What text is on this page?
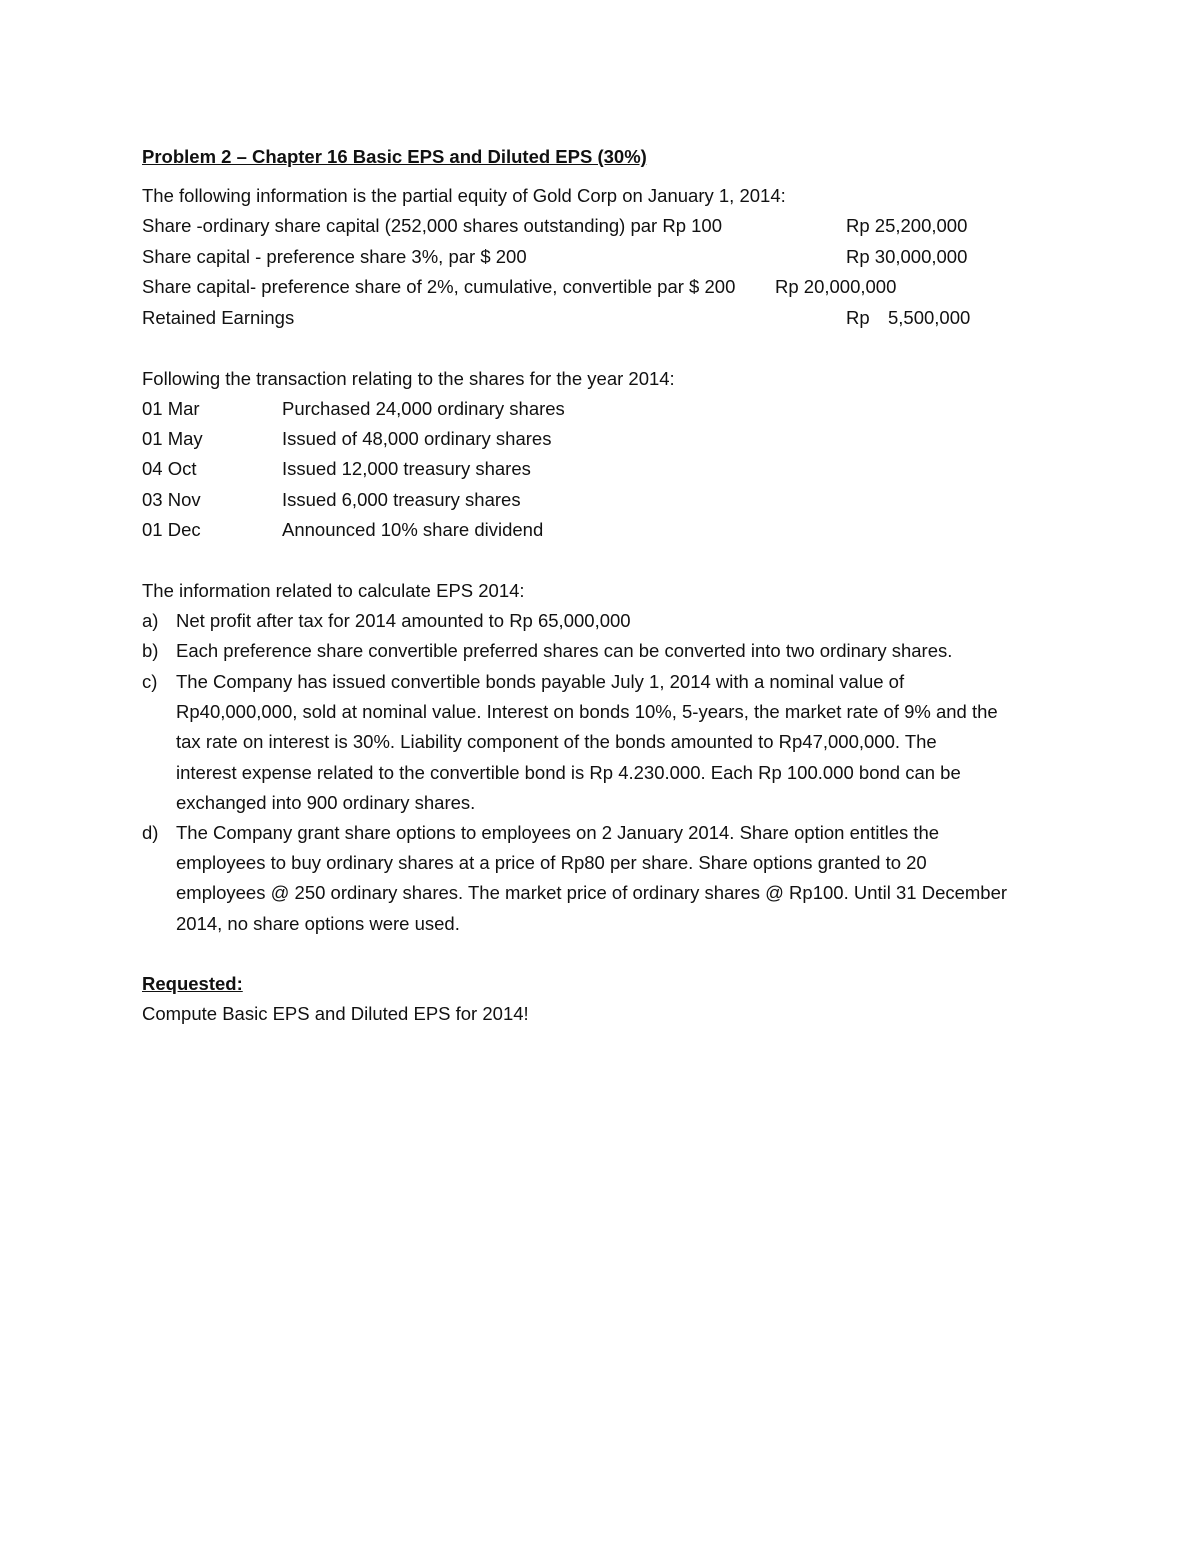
Problem 2 – Chapter 16 Basic EPS and Diluted EPS (30%)
The following information is the partial equity of Gold Corp on January 1, 2014:
Share -ordinary share capital (252,000 shares outstanding) par Rp 100	Rp 25,200,000
Share capital - preference share 3%, par $ 200	Rp 30,000,000
Share capital- preference share of 2%, cumulative, convertible par $ 200 Rp 20,000,000
Retained Earnings	Rp 5,500,000
Following the transaction relating to the shares for the year 2014:
01 Mar	Purchased 24,000 ordinary shares
01 May	Issued of 48,000 ordinary shares
04 Oct	Issued 12,000 treasury shares
03 Nov	Issued 6,000 treasury shares
01 Dec	Announced 10% share dividend
The information related to calculate EPS 2014:
a) Net profit after tax for 2014 amounted to Rp 65,000,000
b) Each preference share convertible preferred shares can be converted into two ordinary shares.
c) The Company has issued convertible bonds payable July 1, 2014 with a nominal value of
Rp40,000,000, sold at nominal value. Interest on bonds 10%, 5-years, the market rate of 9% and the
tax rate on interest is 30%. Liability component of the bonds amounted to Rp47,000,000. The
interest expense related to the convertible bond is Rp 4.230.000. Each Rp 100.000 bond can be
exchanged into 900 ordinary shares.
d) The Company grant share options to employees on 2 January 2014. Share option entitles the
employees to buy ordinary shares at a price of Rp80 per share. Share options granted to 20
employees @ 250 ordinary shares. The market price of ordinary shares @ Rp100. Until 31 December
2014, no share options were used.
Requested:
Compute Basic EPS and Diluted EPS for 2014!
